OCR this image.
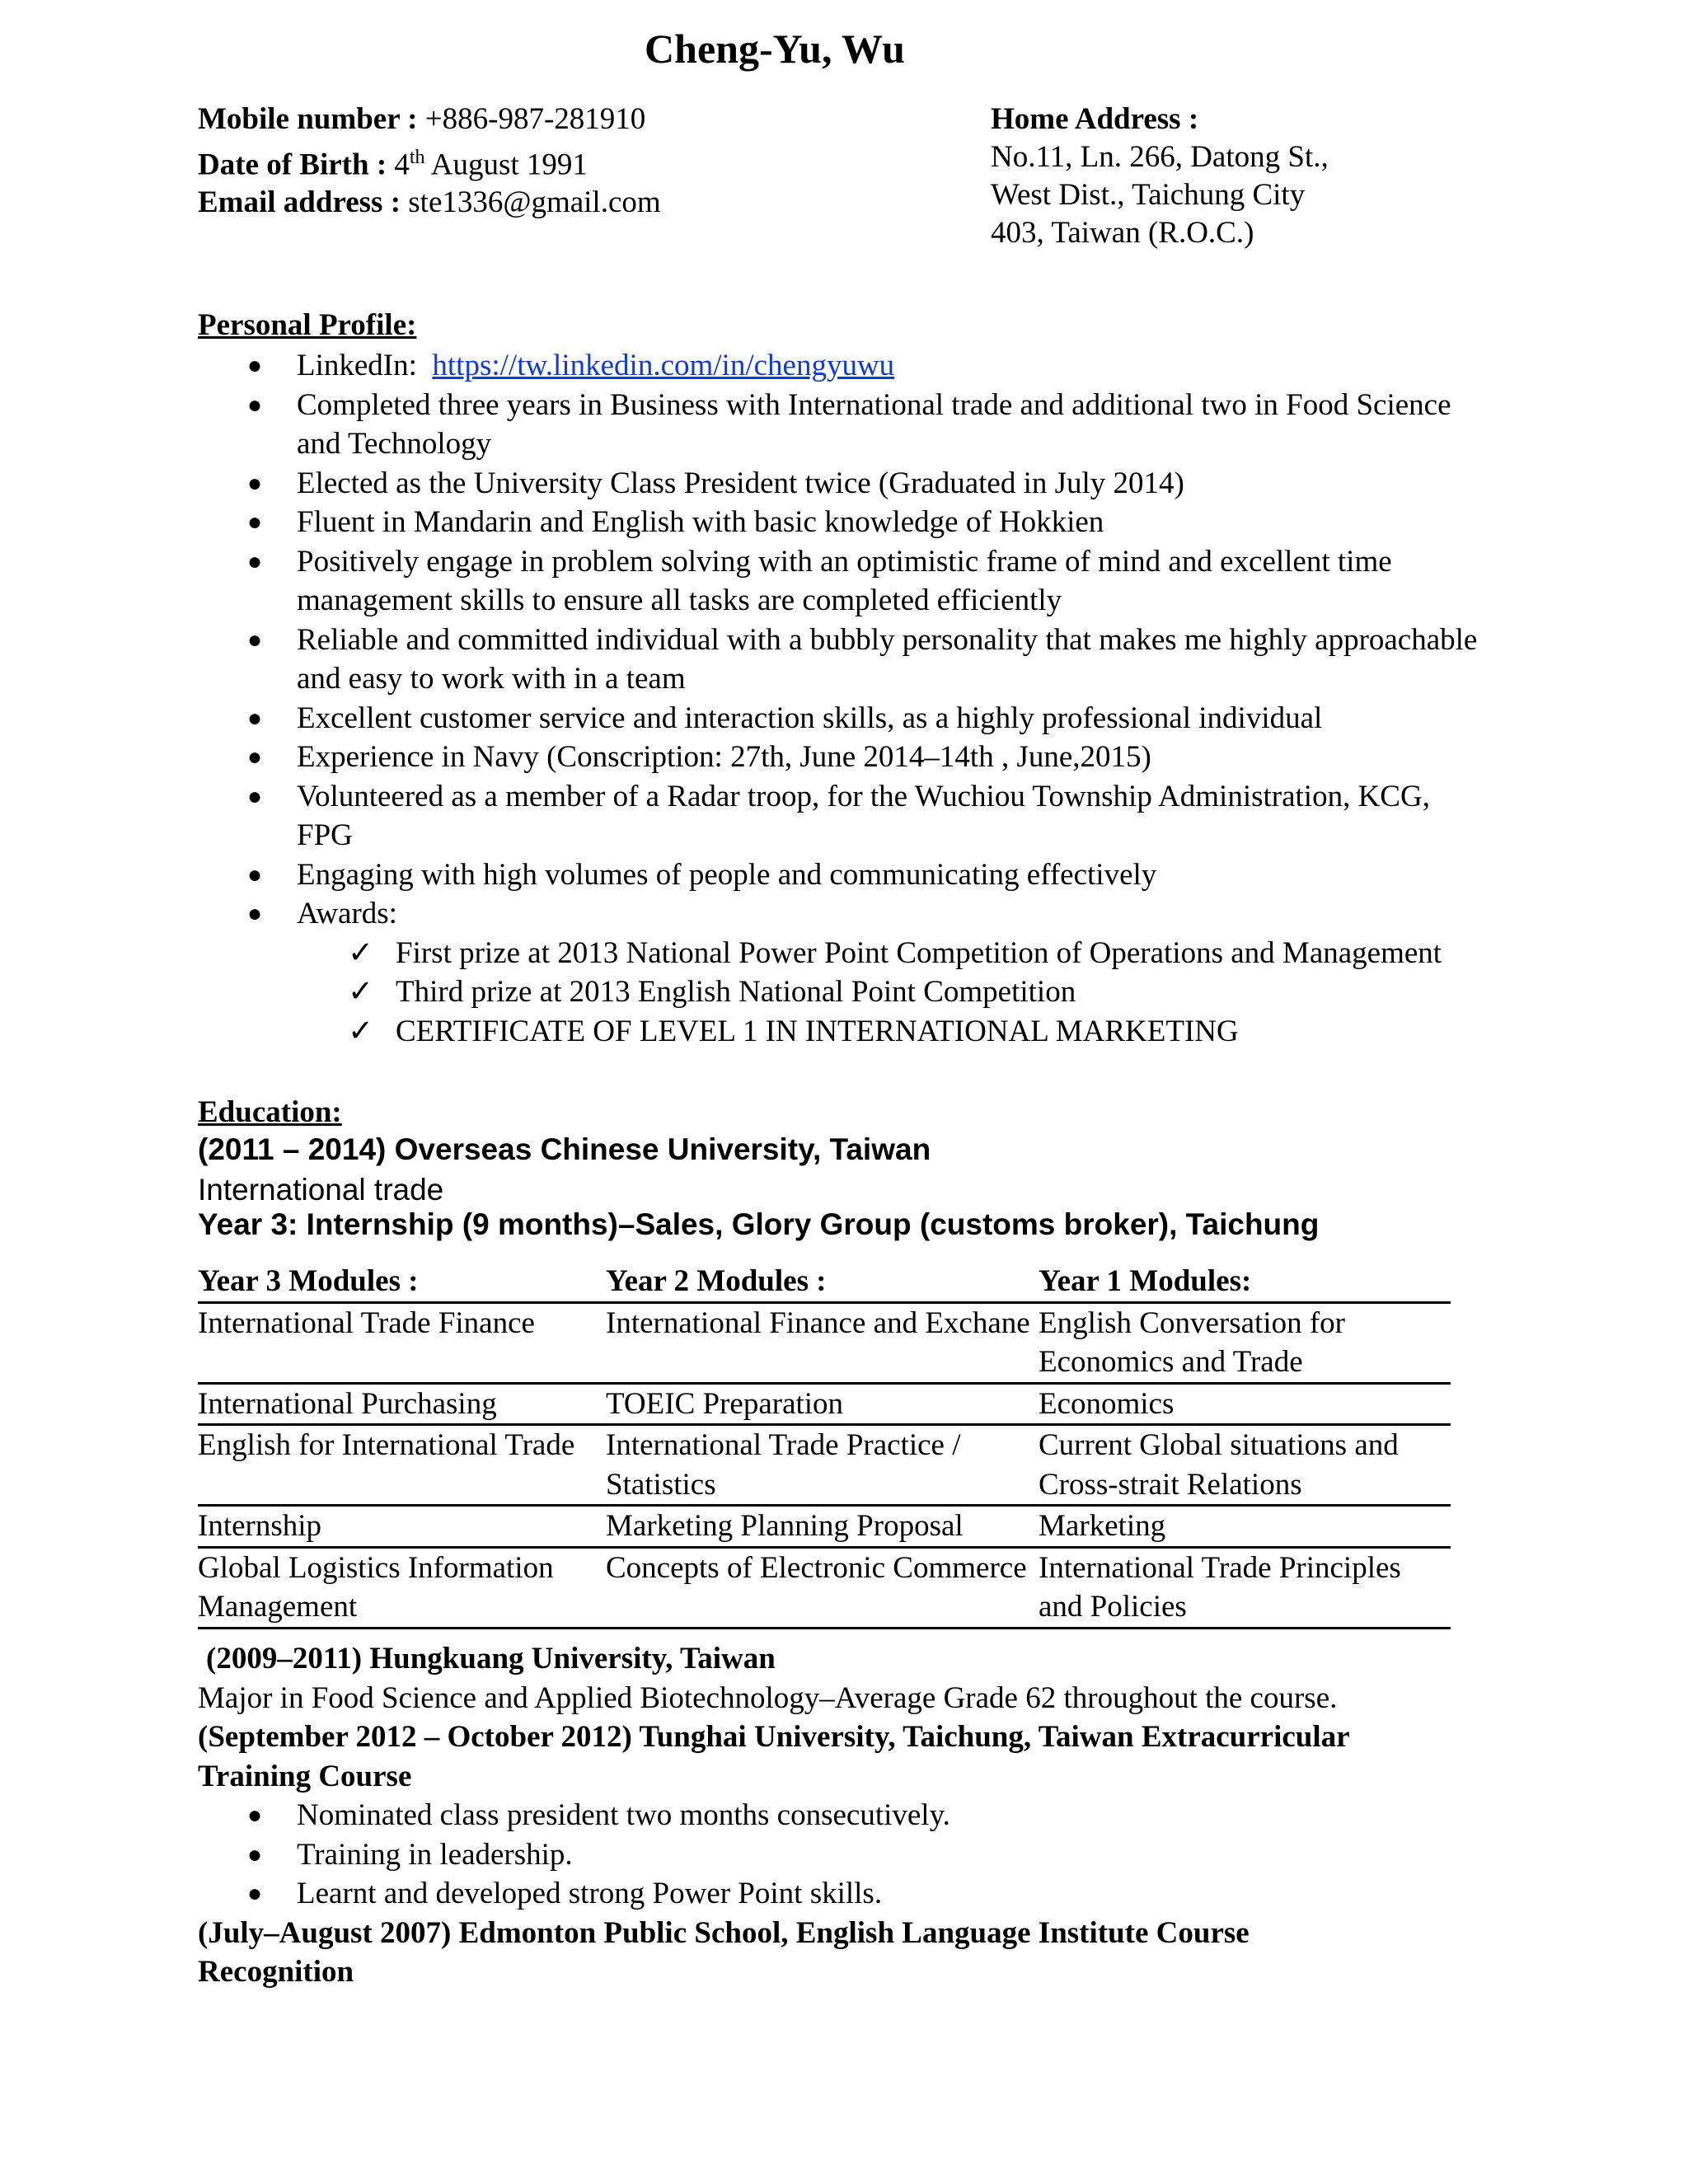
Cheng-Yu, Wu
Mobile number : +886-987-281910
Date of Birth : 4th August 1991
Email address : ste1336@gmail.com
Home Address :
No.11, Ln. 266, Datong St.,
West Dist., Taichung City
403, Taiwan (R.O.C.)
Personal Profile:
● LinkedIn: https://tw.linkedin.com/in/chengyuwu
● Completed three years in Business with International trade and additional two in Food Science and Technology
● Elected as the University Class President twice (Graduated in July 2014)
● Fluent in Mandarin and English with basic knowledge of Hokkien
● Positively engage in problem solving with an optimistic frame of mind and excellent time management skills to ensure all tasks are completed efficiently
● Reliable and committed individual with a bubbly personality that makes me highly approachable and easy to work with in a team
● Excellent customer service and interaction skills, as a highly professional individual
● Experience in Navy (Conscription: 27th, June 2014–14th , June,2015)
● Volunteered as a member of a Radar troop, for the Wuchiou Township Administration, KCG, FPG
● Engaging with high volumes of people and communicating effectively
● Awards:
✓ First prize at 2013 National Power Point Competition of Operations and Management
✓ Third prize at 2013 English National Point Competition
✓ CERTIFICATE OF LEVEL 1 IN INTERNATIONAL MARKETING
Education:
(2011 – 2014) Overseas Chinese University, Taiwan
International trade
Year 3: Internship (9 months)–Sales, Glory Group (customs broker), Taichung
Year 3 Modules :	Year 2 Modules :	Year 1 Modules:
International Trade Finance	International Finance and Exchane	English Conversation for Economics and Trade
International Purchasing	TOEIC Preparation	Economics
English for International Trade	International Trade Practice / Statistics	Current Global situations and Cross-strait Relations
Internship	Marketing Planning Proposal	Marketing
Global Logistics Information Management	Concepts of Electronic Commerce	International Trade Principles and Policies
(2009–2011) Hungkuang University, Taiwan
Major in Food Science and Applied Biotechnology–Average Grade 62 throughout the course.
(September 2012 – October 2012) Tunghai University, Taichung, Taiwan Extracurricular Training Course
● Nominated class president two months consecutively.
● Training in leadership.
● Learnt and developed strong Power Point skills.
(July–August 2007) Edmonton Public School, English Language Institute Course Recognition
